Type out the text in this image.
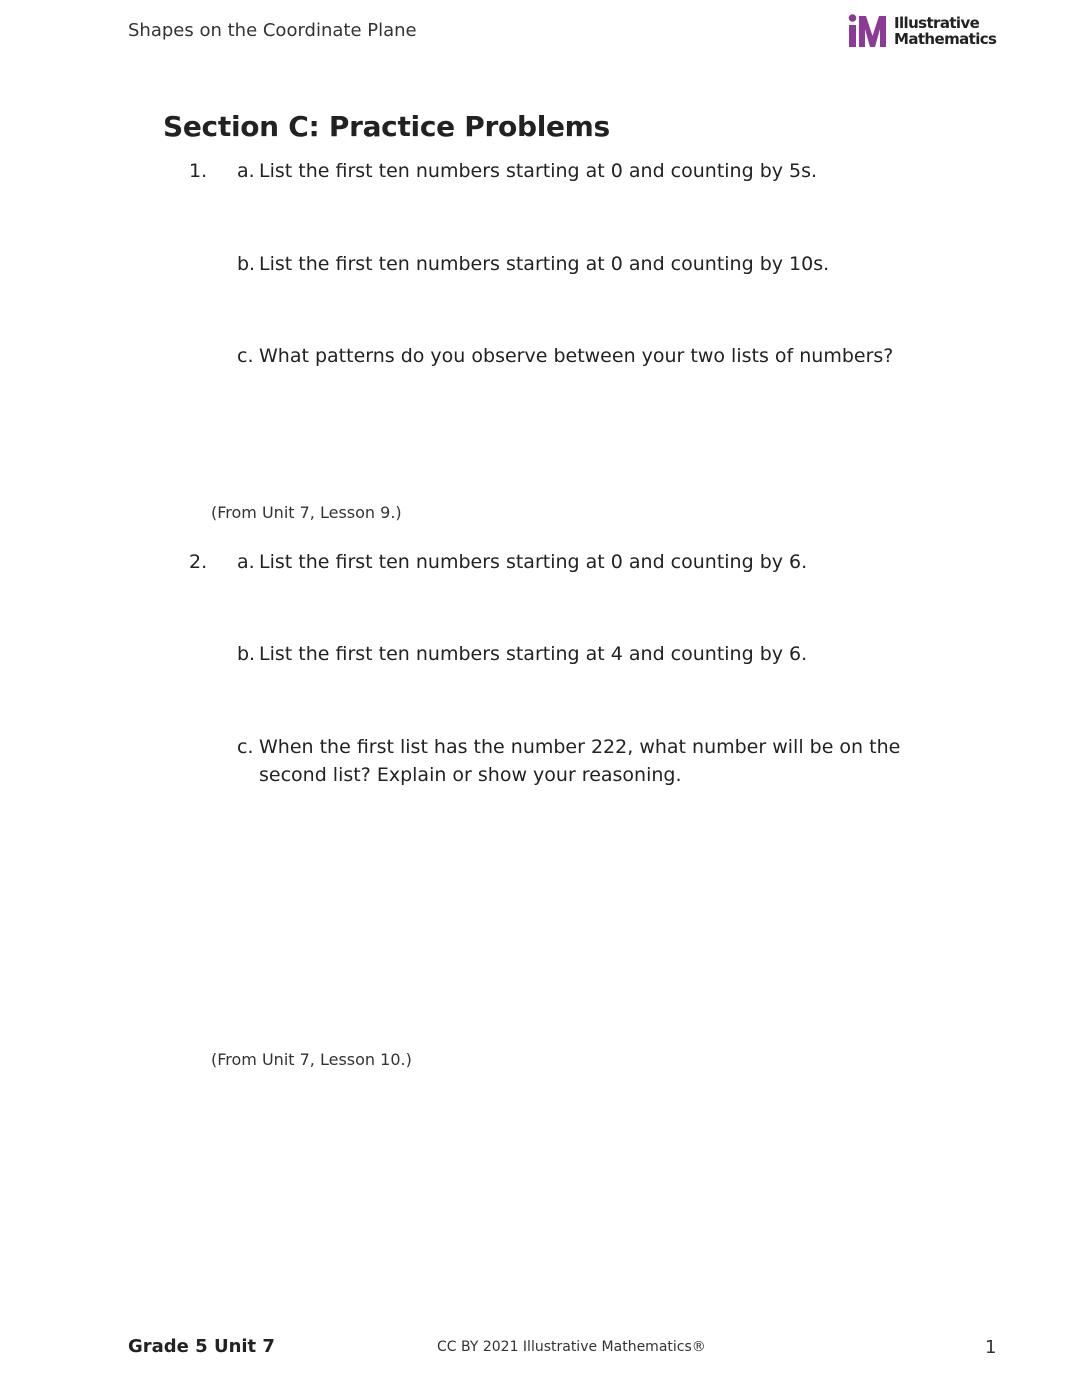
Shapes on the Coordinate Plane	Illustrative
Mathematics
Section C: Practice Problems
1. a. List the first ten numbers starting at 0 and counting by 5s.
b. List the first ten numbers starting at 0 and counting by 10s.
c. What patterns do you observe between your two lists of numbers?
(From Unit 7, Lesson 9.)
2. a. List the first ten numbers starting at 0 and counting by 6.
b. List the first ten numbers starting at 4 and counting by 6.
c. When the first list has the number 222, what number will be on the second list? Explain or show your reasoning.
(From Unit 7, Lesson 10.)
Grade 5 Unit 7	CC BY 2021 Illustrative Mathematics®	1
